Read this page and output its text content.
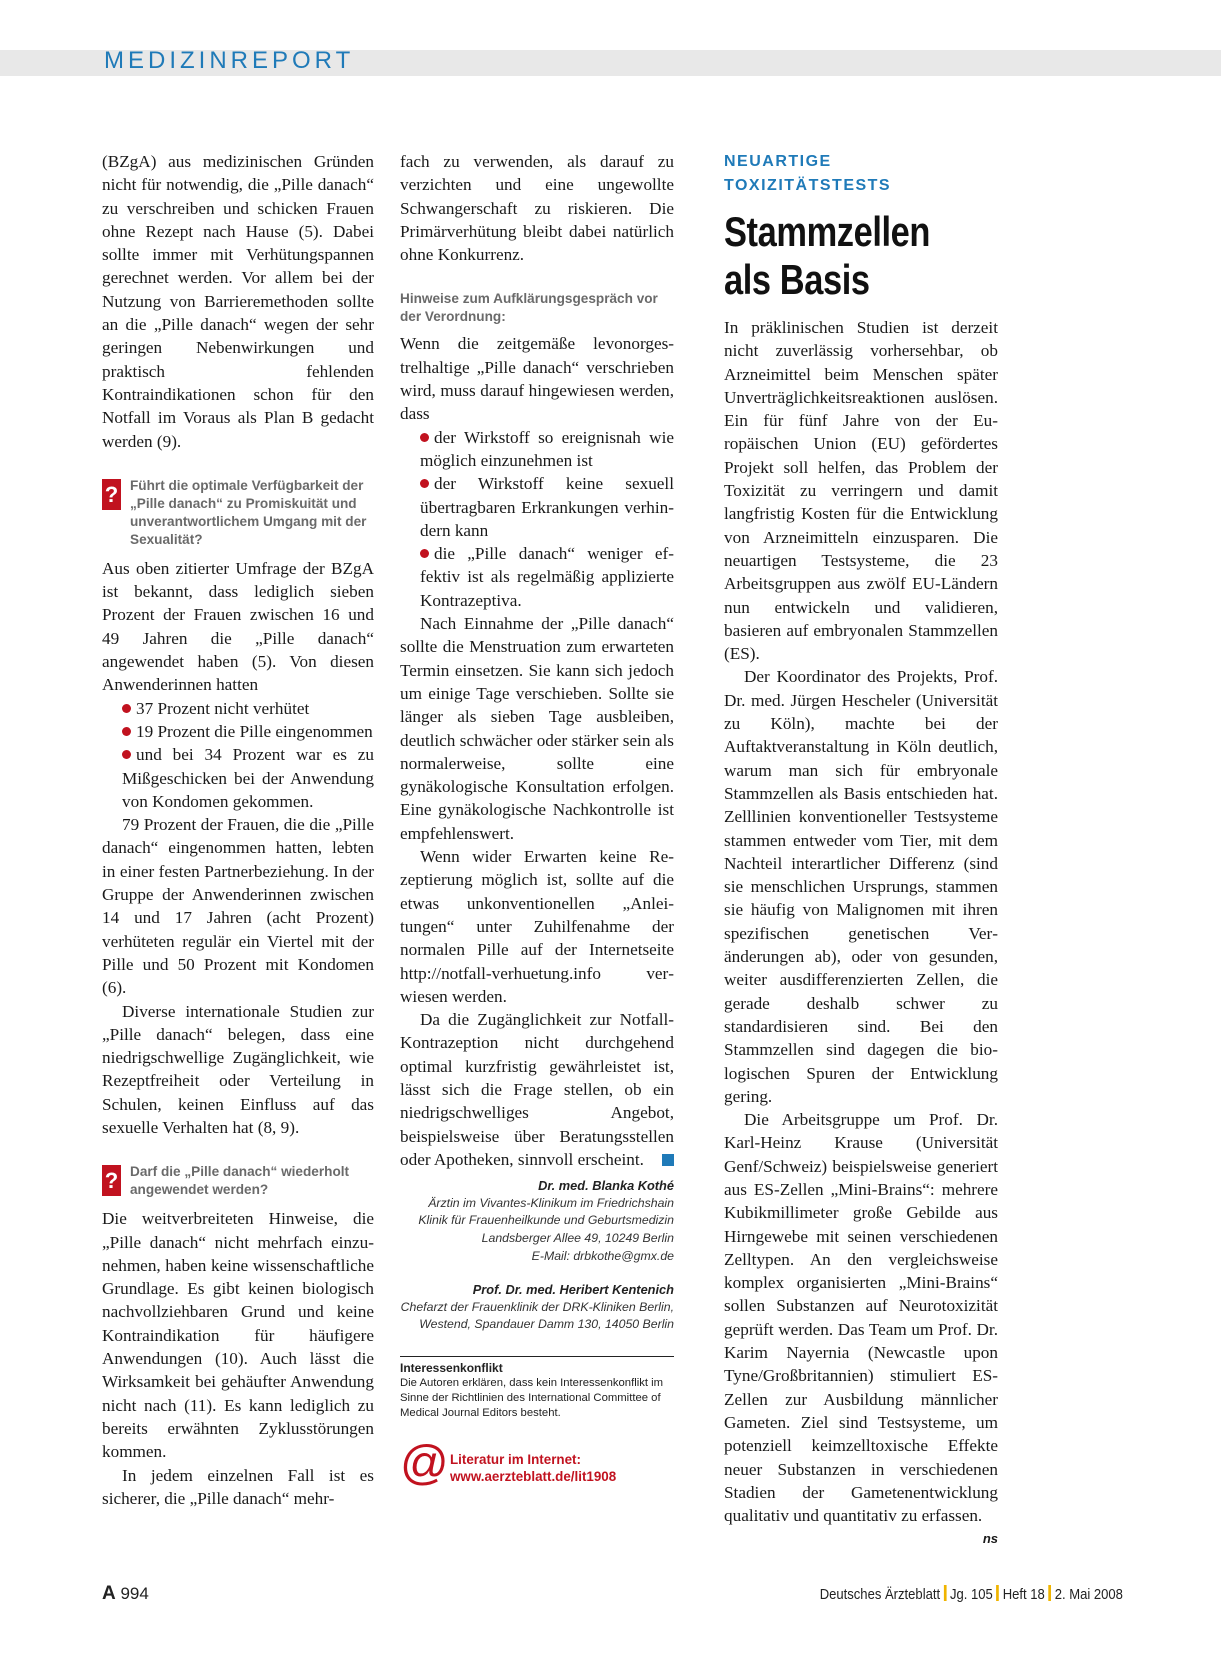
MEDIZINREPORT

(BZgA) aus medizinischen Gründen nicht für notwendig, die „Pille danach“ zu verschreiben und schicken Frauen ohne Rezept nach Hause (5). Dabei sollte immer mit Verhütungspannen gerechnet werden. Vor allem bei der Nutzung von Barrieremethoden sollte an die „Pille danach“ wegen der sehr geringen Nebenwirkungen und praktisch fehlenden Kontraindikationen schon für den Notfall im Voraus als Plan B gedacht werden (9).

? Führt die optimale Verfügbarkeit der „Pille danach“ zu Promiskuität und unverantwortlichem Umgang mit der Sexualität?

Aus oben zitierter Umfrage der BZgA ist bekannt, dass lediglich sieben Prozent der Frauen zwischen 16 und 49 Jahren die „Pille danach“ angewendet haben (5). Von diesen Anwenderinnen hatten

37 Prozent nicht verhütet

19 Prozent die Pille eingenommen

und bei 34 Prozent war es zu Mißgeschicken bei der Anwendung von Kondomen gekommen.

79 Prozent der Frauen, die die „Pille danach“ eingenommen hatten, lebten in einer festen Partnerbeziehung. In der Gruppe der Anwenderinnen zwischen 14 und 17 Jahren (acht Prozent) verhüteten regulär ein Viertel mit der Pille und 50 Prozent mit Kondomen (6).

Diverse internationale Studien zur „Pille danach“ belegen, dass eine niedrigschwellige Zugänglichkeit, wie Rezeptfreiheit oder Verteilung in Schulen, keinen Einfluss auf das sexuelle Verhalten hat (8, 9).

? Darf die „Pille danach“ wiederholt angewendet werden?

Die weitverbreiteten Hinweise, die „Pille danach“ nicht mehrfach einzunehmen, haben keine wissenschaftliche Grundlage. Es gibt keinen biologisch nachvollziehbaren Grund und keine Kontraindikation für häufigere Anwendungen (10). Auch lässt die Wirksamkeit bei gehäufter Anwendung nicht nach (11). Es kann lediglich zu bereits erwähnten Zyklusstörungen kommen.

In jedem einzelnen Fall ist es sicherer, die „Pille danach“ mehr-

fach zu verwenden, als darauf zu verzichten und eine ungewollte Schwangerschaft zu riskieren. Die Primärverhütung bleibt dabei natürlich ohne Konkurrenz.

Hinweise zum Aufklärungsgespräch vor der Verordnung:

Wenn die zeitgemäße levonorgestrelhaltige „Pille danach“ verschrieben wird, muss darauf hingewiesen werden, dass

der Wirkstoff so ereignisnah wie möglich einzunehmen ist

der Wirkstoff keine sexuell übertragbaren Erkrankungen verhindern kann

die „Pille danach“ weniger effektiv ist als regelmäßig applizierte Kontrazeptiva.

Nach Einnahme der „Pille danach“ sollte die Menstruation zum erwarteten Termin einsetzen. Sie kann sich jedoch um einige Tage verschieben. Sollte sie länger als sieben Tage ausbleiben, deutlich schwächer oder stärker sein als normalerweise, sollte eine gynäkologische Konsultation erfolgen. Eine gynäkologische Nachkontrolle ist empfehlenswert.

Wenn wider Erwarten keine Rezeptierung möglich ist, sollte auf die etwas unkonventionellen „Anleitungen“ unter Zuhilfenahme der normalen Pille auf der Internetseite http://notfall-verhuetung.info verwiesen werden.

Da die Zugänglichkeit zur Notfall-Kontrazeption nicht durchgehend optimal kurzfristig gewährleistet ist, lässt sich die Frage stellen, ob ein niedrigschwelliges Angebot, beispielsweise über Beratungsstellen oder Apotheken, sinnvoll erscheint.

Dr. med. Blanka Kothé
Ärztin im Vivantes-Klinikum im Friedrichshain
Klinik für Frauenheilkunde und Geburtsmedizin
Landsberger Allee 49, 10249 Berlin
E-Mail: drbkothe@gmx.de
Prof. Dr. med. Heribert Kentenich
Chefarzt der Frauenklinik der DRK-Kliniken Berlin,
Westend, Spandauer Damm 130, 14050 Berlin
Interessenkonflikt
Die Autoren erklären, dass kein Interessenkonflikt im Sinne der Richtlinien des International Committee of Medical Journal Editors besteht.
@ Literatur im Internet:
www.aerzteblatt.de/lit1908
NEUARTIGE TOXIZITÄTSTESTS
Stammzellen
als Basis

In präklinischen Studien ist derzeit nicht zuverlässig vorhersehbar, ob Arzneimittel beim Menschen später Unverträglichkeitsreaktionen auslösen. Ein für fünf Jahre von der Europäischen Union (EU) gefördertes Projekt soll helfen, das Problem der Toxizität zu verringern und damit langfristig Kosten für die Entwicklung von Arzneimitteln einzusparen. Die neuartigen Testsysteme, die 23 Arbeitsgruppen aus zwölf EU-Ländern nun entwickeln und validieren, basieren auf embryonalen Stammzellen (ES).

Der Koordinator des Projekts, Prof. Dr. med. Jürgen Hescheler (Universität zu Köln), machte bei der Auftaktveranstaltung in Köln deutlich, warum man sich für embryonale Stammzellen als Basis entschieden hat. Zelllinien konventioneller Testsysteme stammen entweder vom Tier, mit dem Nachteil interartlicher Differenz (sind sie menschlichen Ursprungs, stammen sie häufig von Malignomen mit ihren spezifischen genetischen Veränderungen ab), oder von gesunden, weiter ausdifferenzierten Zellen, die gerade deshalb schwer zu standardisieren sind. Bei den Stammzellen sind dagegen die biologischen Spuren der Entwicklung gering.

Die Arbeitsgruppe um Prof. Dr. Karl-Heinz Krause (Universität Genf/Schweiz) beispielsweise generiert aus ES-Zellen „Mini-Brains“: mehrere Kubikmillimeter große Gebilde aus Hirngewebe mit seinen verschiedenen Zelltypen. An den vergleichsweise komplex organisierten „Mini-Brains“ sollen Substanzen auf Neurotoxizität geprüft werden. Das Team um Prof. Dr. Karim Nayernia (Newcastle upon Tyne/Großbritannien) stimuliert ES-Zellen zur Ausbildung männlicher Gameten. Ziel sind Testsysteme, um potenziell keimzelltoxische Effekte neuer Substanzen in verschiedenen Stadien der Gametenentwicklung qualitativ und quantitativ zu erfassen.
ns

A 994	Deutsches Ärzteblatt Jg. 105 Heft 18 2. Mai 2008
